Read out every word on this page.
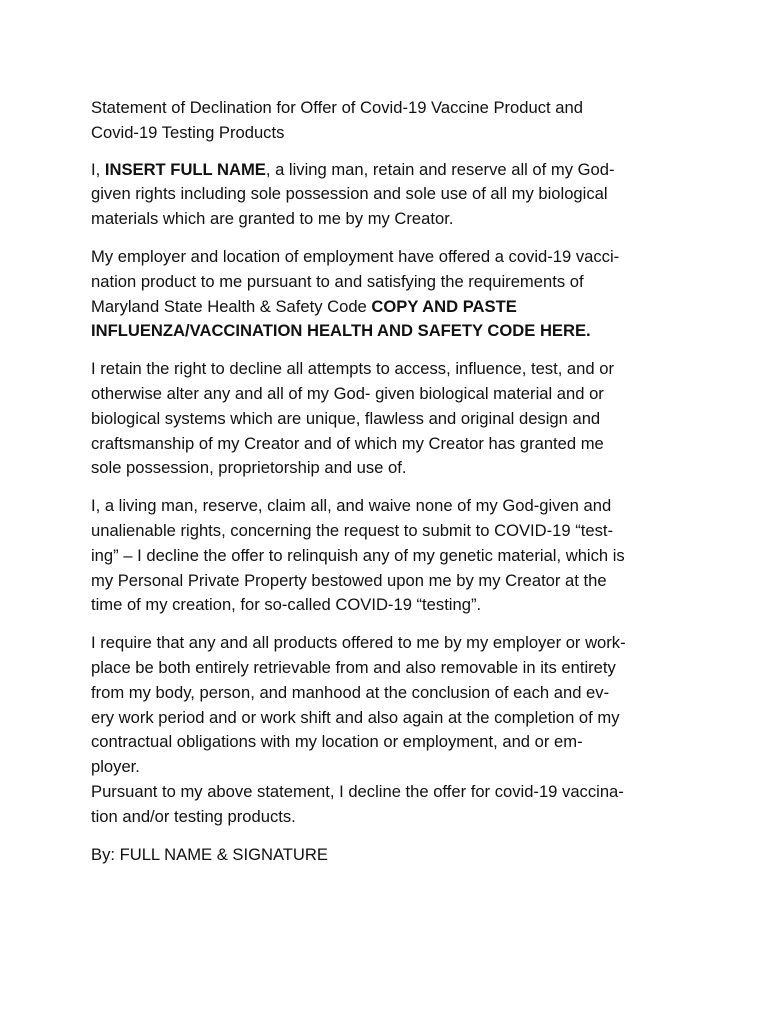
Statement of Declination for Offer of Covid-19 Vaccine Product and
Covid-19 Testing Products
I, INSERT FULL NAME, a living man, retain and reserve all of my God-
given rights including sole possession and sole use of all my biological
materials which are granted to me by my Creator.
My employer and location of employment have offered a covid-19 vacci-
nation product to me pursuant to and satisfying the requirements of
Maryland State Health & Safety Code COPY AND PASTE
INFLUENZA/VACCINATION HEALTH AND SAFETY CODE HERE.
I retain the right to decline all attempts to access, influence, test, and or
otherwise alter any and all of my God- given biological material and or
biological systems which are unique, flawless and original design and
craftsmanship of my Creator and of which my Creator has granted me
sole possession, proprietorship and use of.
I, a living man, reserve, claim all, and waive none of my God-given and
unalienable rights, concerning the request to submit to COVID-19 “test-
ing” – I decline the offer to relinquish any of my genetic material, which is
my Personal Private Property bestowed upon me by my Creator at the
time of my creation, for so-called COVID-19 “testing”.
I require that any and all products offered to me by my employer or work-
place be both entirely retrievable from and also removable in its entirety
from my body, person, and manhood at the conclusion of each and ev-
ery work period and or work shift and also again at the completion of my
contractual obligations with my location or employment, and or em-
ployer.
Pursuant to my above statement, I decline the offer for covid-19 vaccina-
tion and/or testing products.
By: FULL NAME & SIGNATURE
